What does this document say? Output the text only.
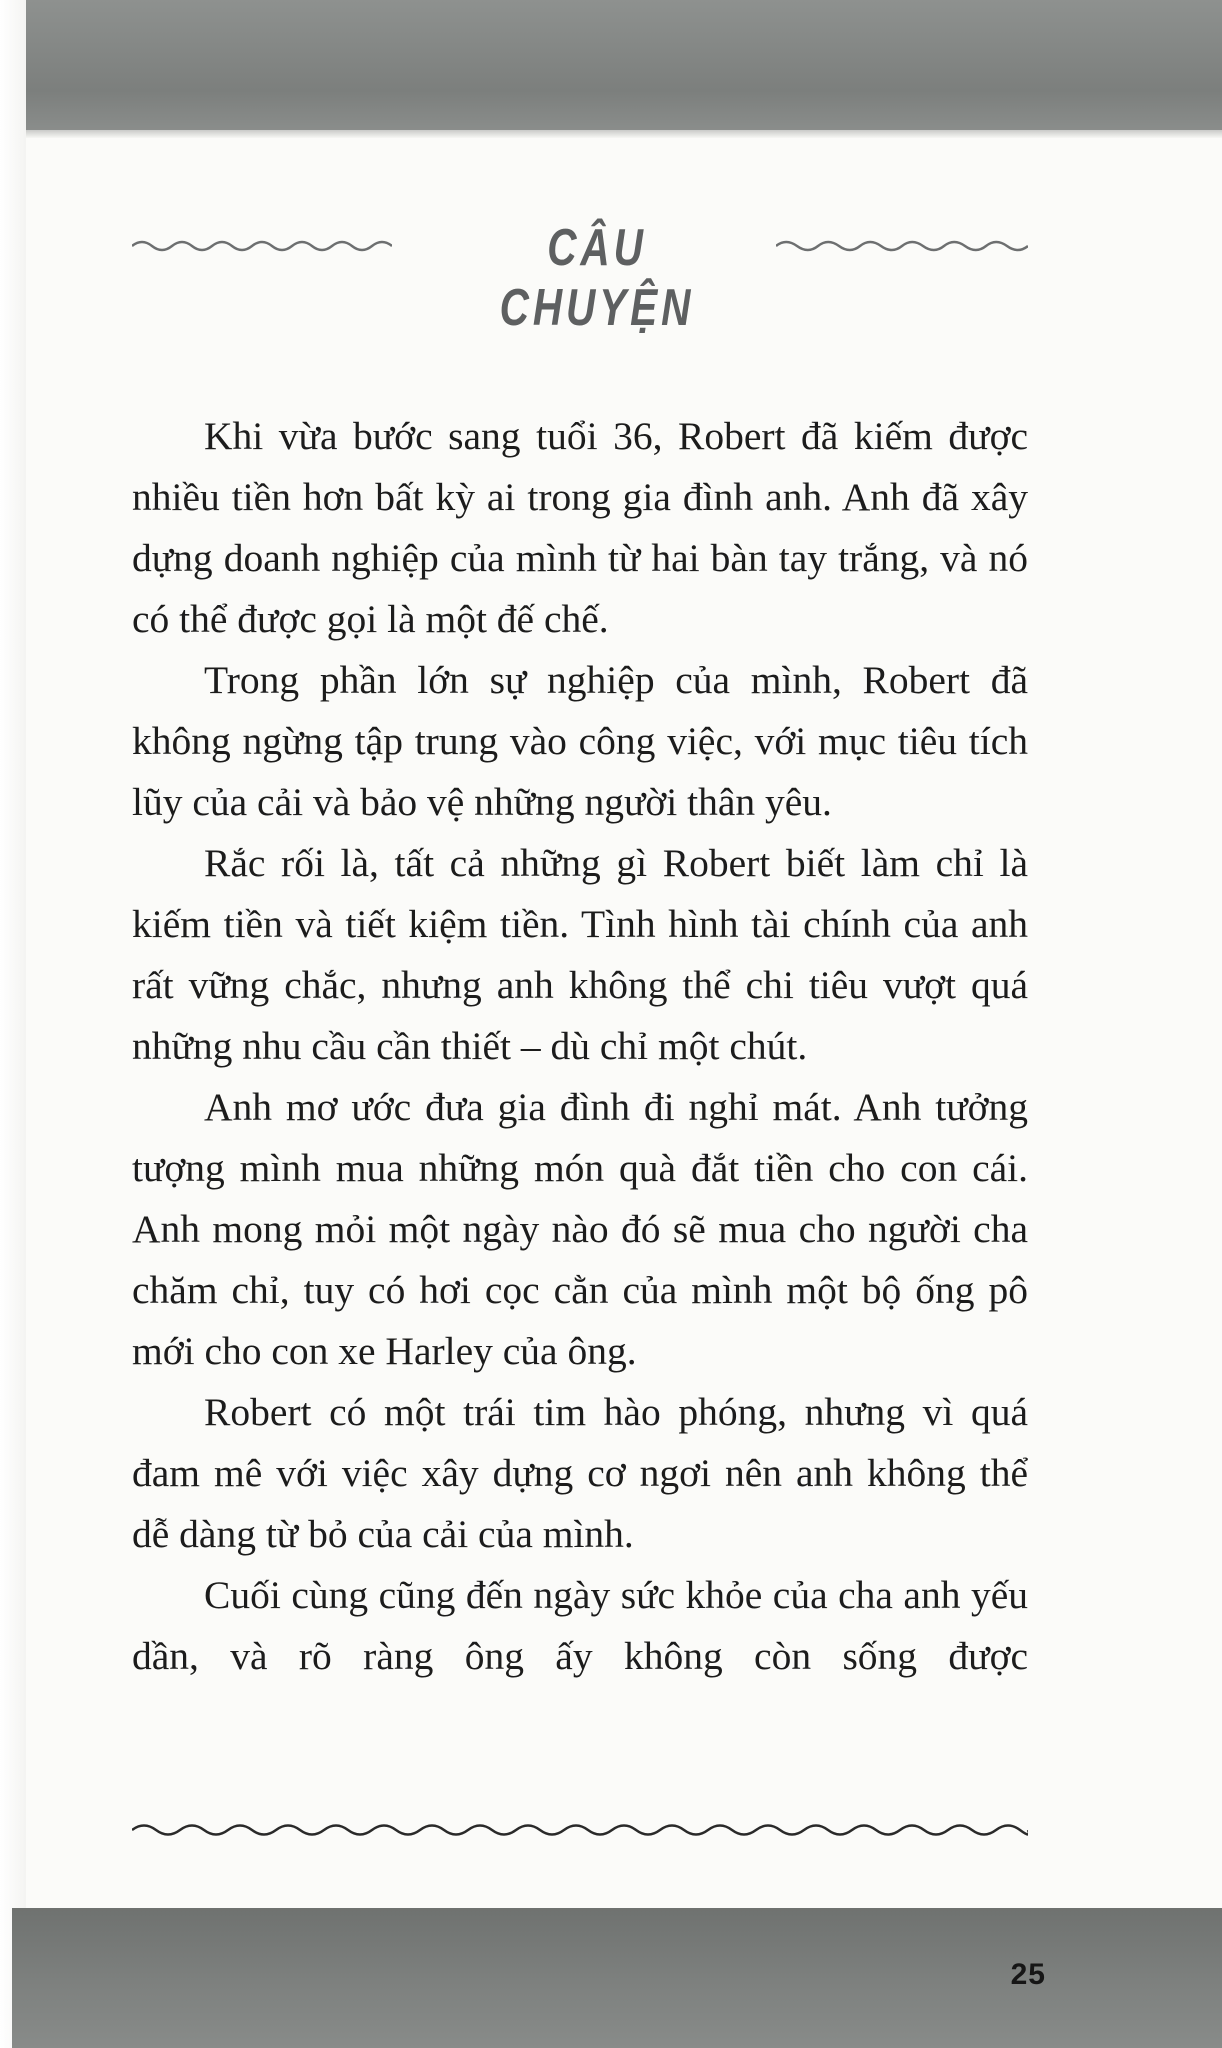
CÂU CHUYỆN

Khi vừa bước sang tuổi 36, Robert đã kiếm được nhiều tiền hơn bất kỳ ai trong gia đình anh. Anh đã xây dựng doanh nghiệp của mình từ hai bàn tay trắng, và nó có thể được gọi là một đế chế.

Trong phần lớn sự nghiệp của mình, Robert đã không ngừng tập trung vào công việc, với mục tiêu tích lũy của cải và bảo vệ những người thân yêu.

Rắc rối là, tất cả những gì Robert biết làm chỉ là kiếm tiền và tiết kiệm tiền. Tình hình tài chính của anh rất vững chắc, nhưng anh không thể chi tiêu vượt quá những nhu cầu cần thiết – dù chỉ một chút.

Anh mơ ước đưa gia đình đi nghỉ mát. Anh tưởng tượng mình mua những món quà đắt tiền cho con cái. Anh mong mỏi một ngày nào đó sẽ mua cho người cha chăm chỉ, tuy có hơi cọc cằn của mình một bộ ống pô mới cho con xe Harley của ông.

Robert có một trái tim hào phóng, nhưng vì quá đam mê với việc xây dựng cơ ngơi nên anh không thể dễ dàng từ bỏ của cải của mình.

Cuối cùng cũng đến ngày sức khỏe của cha anh yếu dần, và rõ ràng ông ấy không còn sống được

25
